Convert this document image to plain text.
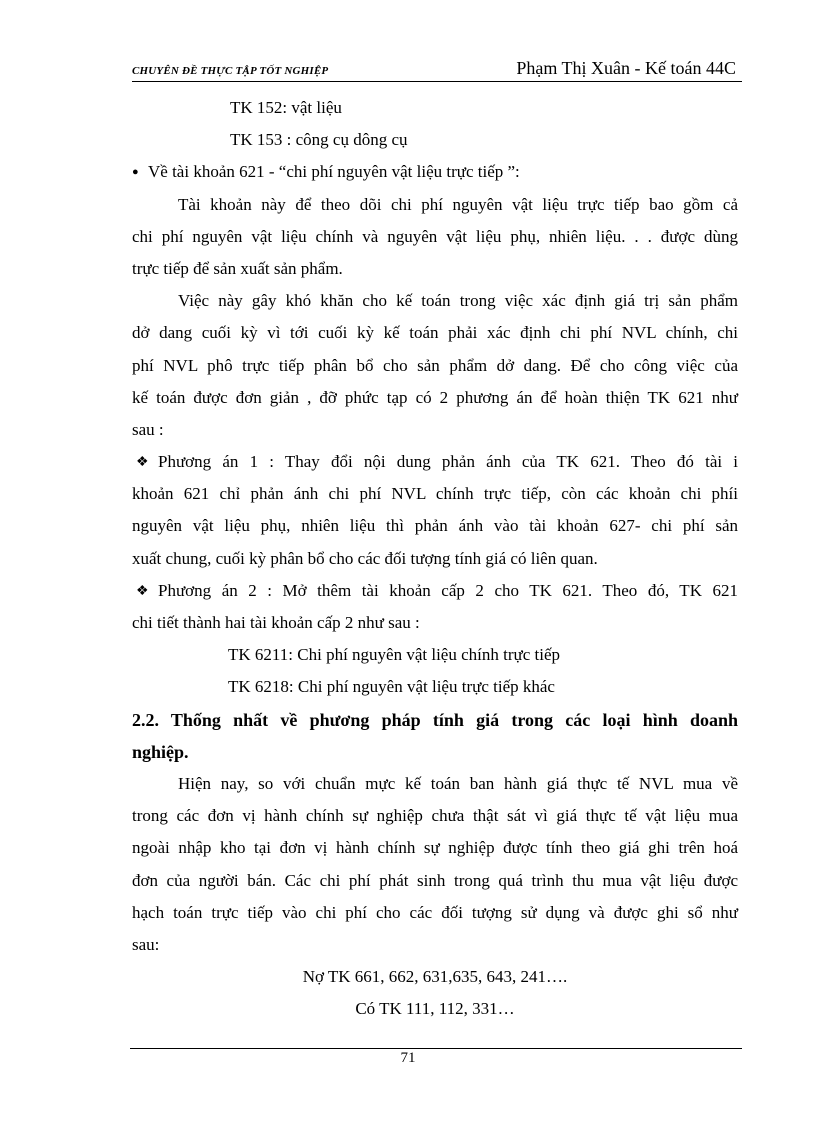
CHUYÊN ĐỀ THỰC TẬP TỐT NGHIỆP	Phạm Thị Xuân - Kế toán 44C
TK 152: vật liệu
TK 153 : công cụ dông cụ
● Về tài khoản 621 - “chi phí nguyên vật liệu trực tiếp ”:
Tài khoản này để theo dõi chi phí nguyên vật liệu trực tiếp bao gồm cả
chi phí nguyên vật liệu chính và nguyên vật liệu phụ, nhiên liệu. . . được dùng
trực tiếp để sản xuất sản phẩm.
Việc này gây khó khăn cho kế toán trong việc xác định giá trị sản phẩm
dở dang cuối kỳ vì tới cuối kỳ kế toán phải xác định chi phí NVL chính, chi
phí NVL phô trực tiếp phân bổ cho sản phẩm dở dang. Để cho công việc của
kế toán được đơn giản , đỡ phức tạp có 2 phương án để hoàn thiện TK 621 như
sau :
❖ Phương án 1 : Thay đổi nội dung phản ánh của TK 621. Theo đó tài i
khoản 621 chỉ phản ánh chi phí NVL chính trực tiếp, còn các khoản chi phíi
nguyên vật liệu phụ, nhiên liệu thì phản ánh vào tài khoản 627- chi phí sản
xuất chung, cuối kỳ phân bổ cho các đối tượng tính giá có liên quan.
❖ Phương án 2 : Mở thêm tài khoản cấp 2 cho TK 621. Theo đó, TK 621
chi tiết thành hai tài khoản cấp 2 như sau :
TK 6211: Chi phí nguyên vật liệu chính trực tiếp
TK 6218: Chi phí nguyên vật liệu trực tiếp khác
2.2. Thống nhất về phương pháp tính giá trong các loại hình doanh
nghiệp.
Hiện nay, so với chuẩn mực kế toán ban hành giá thực tế NVL mua về
trong các đơn vị hành chính sự nghiệp chưa thật sát vì giá thực tế vật liệu mua
ngoài nhập kho tại đơn vị hành chính sự nghiệp được tính theo giá ghi trên hoá
đơn của người bán. Các chi phí phát sinh trong quá trình thu mua vật liệu được
hạch toán trực tiếp vào chi phí cho các đối tượng sử dụng và được ghi sổ như
sau:
Nợ TK 661, 662, 631,635, 643, 241….
Có TK 111, 112, 331…
71
